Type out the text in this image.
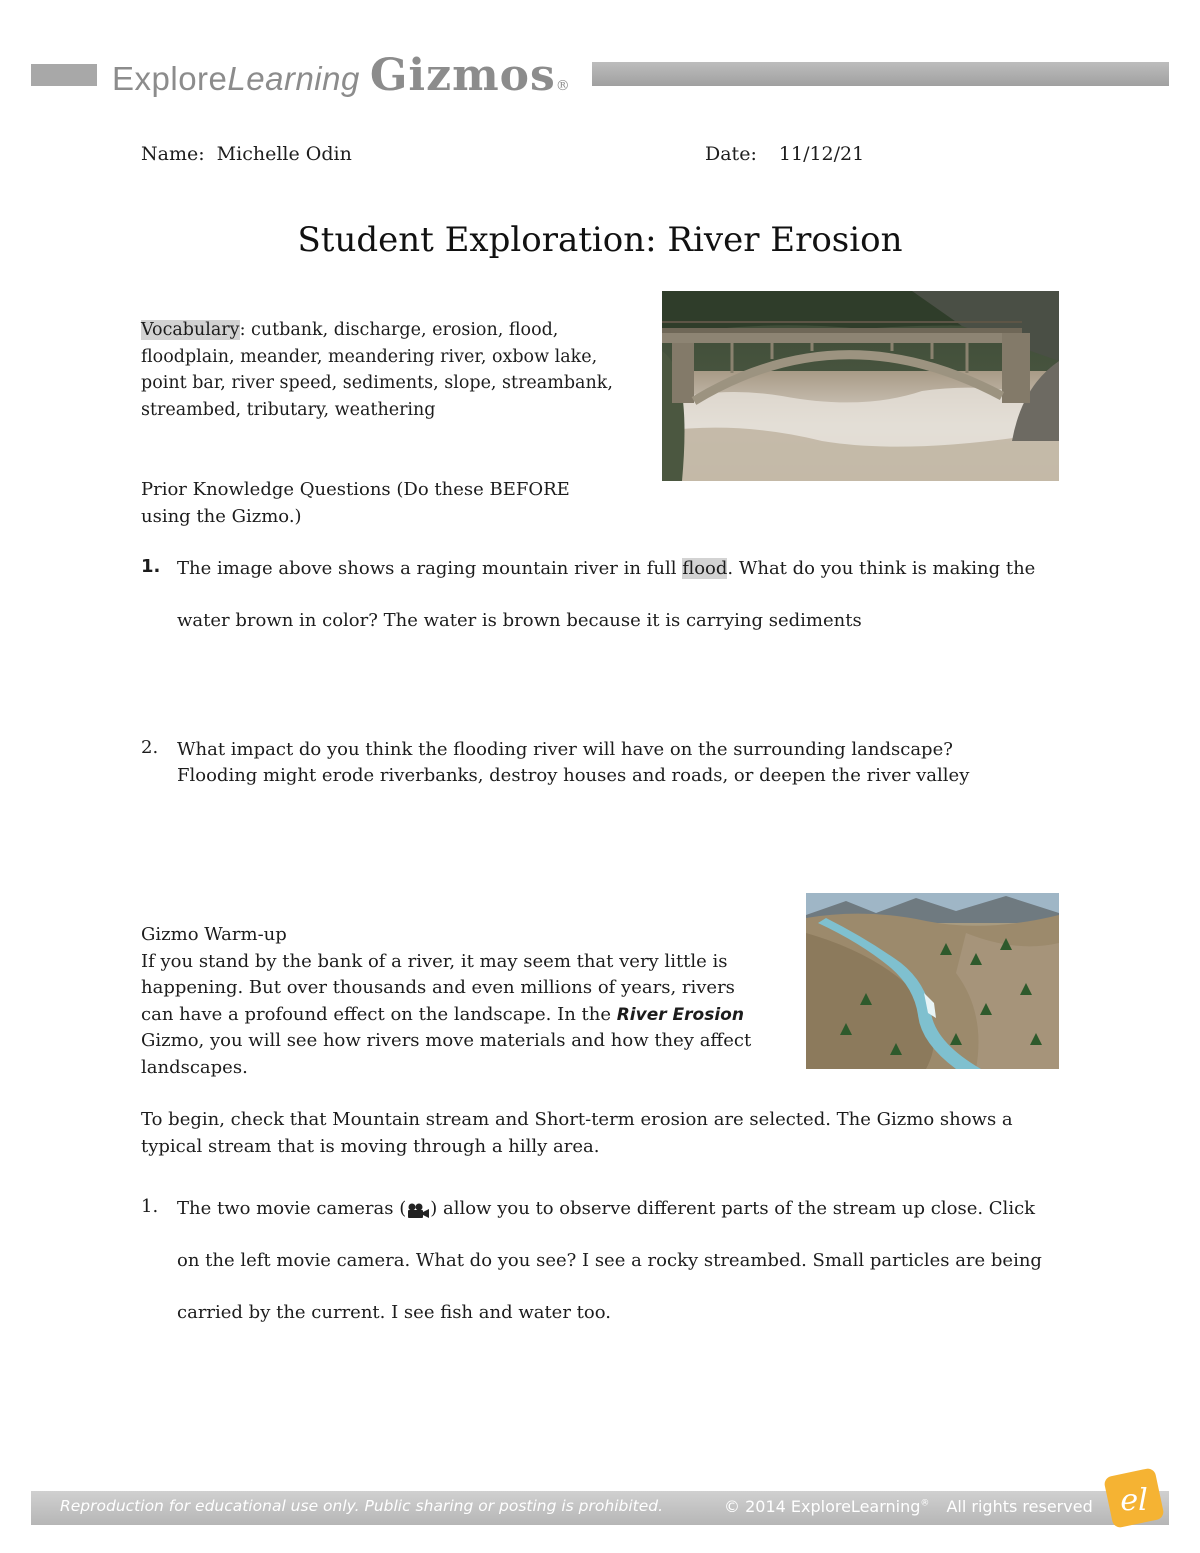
Explore Learning Gizmos ®
Name: Michelle Odin	Date: 11/12/21
Student Exploration: River Erosion
Vocabulary: cutbank, discharge, erosion, flood, floodplain, meander, meandering river, oxbow lake, point bar, river speed, sediments, slope, streambank, streambed, tributary, weathering
Prior Knowledge Questions (Do these BEFORE using the Gizmo.)
1. The image above shows a raging mountain river in full flood. What do you think is making the
water brown in color? The water is brown because it is carrying sediments
2. What impact do you think the flooding river will have on the surrounding landscape?
Flooding might erode riverbanks, destroy houses and roads, or deepen the river valley
Gizmo Warm-up
If you stand by the bank of a river, it may seem that very little is happening. But over thousands and even millions of years, rivers can have a profound effect on the landscape. In the River Erosion Gizmo, you will see how rivers move materials and how they affect landscapes.
To begin, check that Mountain stream and Short-term erosion are selected. The Gizmo shows a typical stream that is moving through a hilly area.
1. The two movie cameras ( ) allow you to observe different parts of the stream up close. Click
on the left movie camera. What do you see? I see a rocky streambed. Small particles are being
carried by the current. I see fish and water too.
Reproduction for educational use only. Public sharing or posting is prohibited.	© 2014 ExploreLearning® All rights reserved el
